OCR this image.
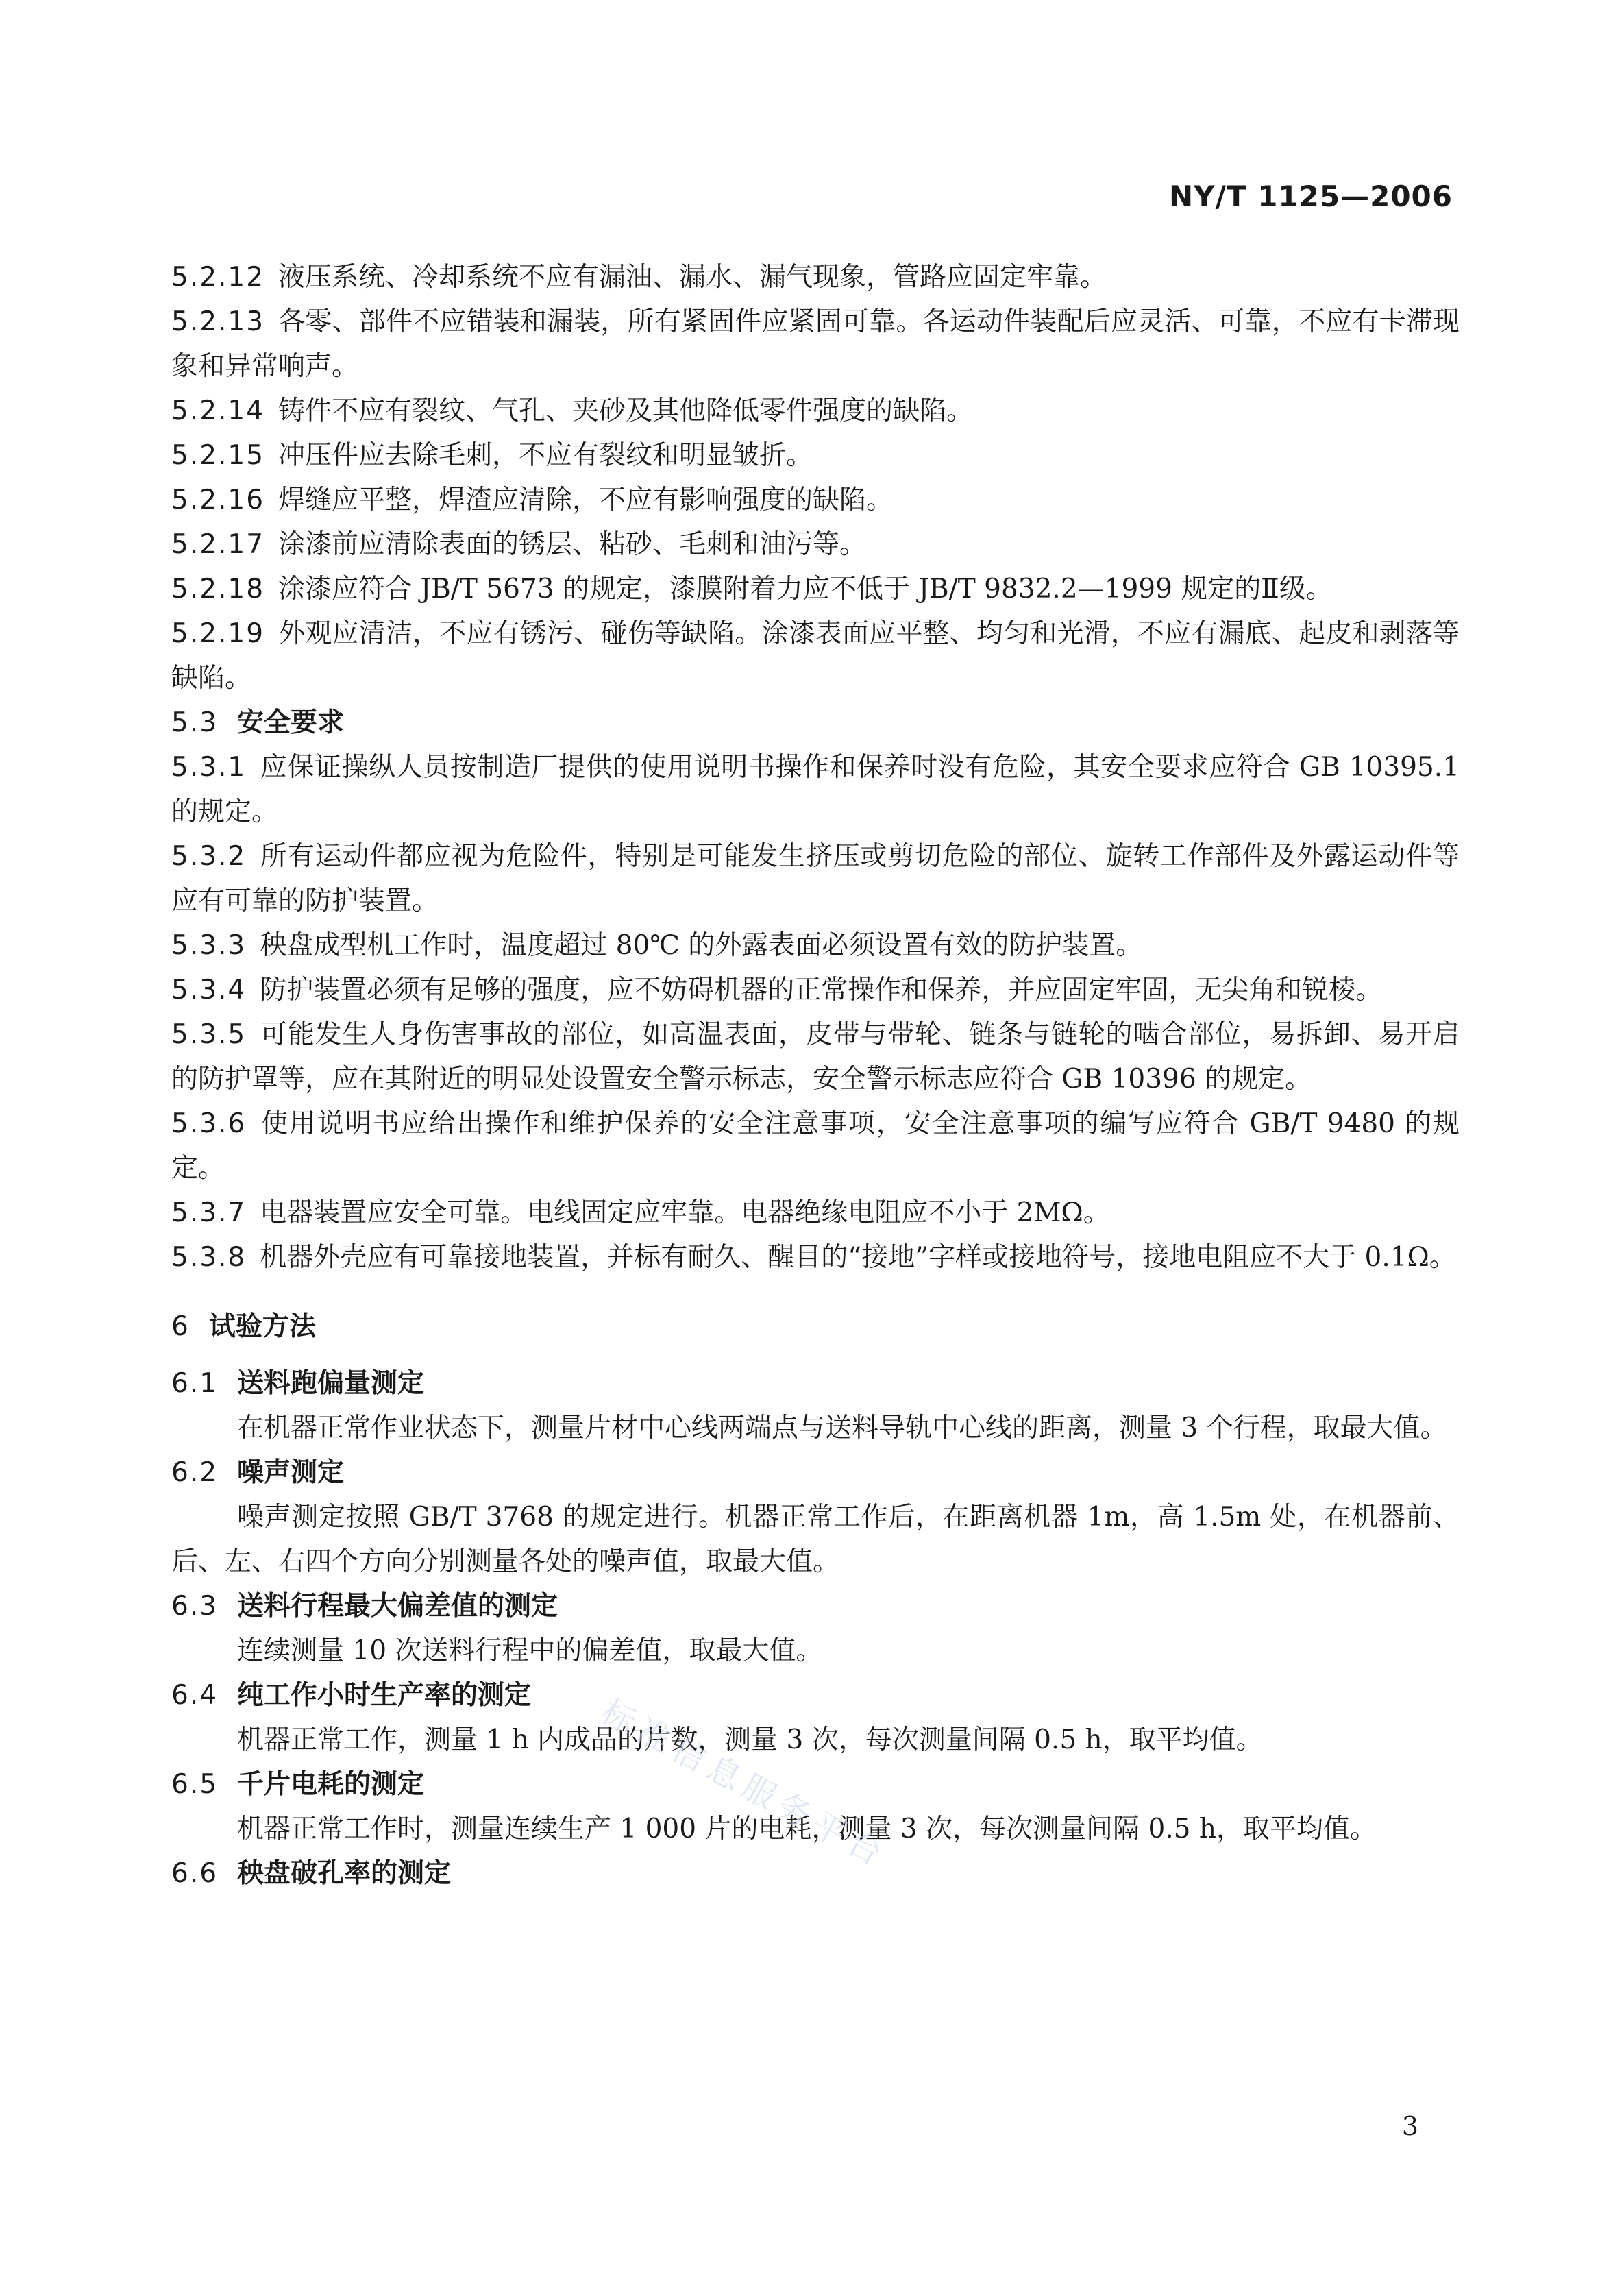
NY/T 1125—2006

5.2.12 液压系统、冷却系统不应有漏油、漏水、漏气现象，管路应固定牢靠。

5.2.13 各零、部件不应错装和漏装，所有紧固件应紧固可靠。各运动件装配后应灵活、可靠，不应有卡滞现象和异常响声。

5.2.14 铸件不应有裂纹、气孔、夹砂及其他降低零件强度的缺陷。

5.2.15 冲压件应去除毛刺，不应有裂纹和明显皱折。

5.2.16 焊缝应平整，焊渣应清除，不应有影响强度的缺陷。

5.2.17 涂漆前应清除表面的锈层、粘砂、毛刺和油污等。

5.2.18 涂漆应符合 JB/T 5673 的规定，漆膜附着力应不低于 JB/T 9832.2—1999 规定的Ⅱ级。

5.2.19 外观应清洁，不应有锈污、碰伤等缺陷。涂漆表面应平整、均匀和光滑，不应有漏底、起皮和剥落等缺陷。

5.3 安全要求

5.3.1 应保证操纵人员按制造厂提供的使用说明书操作和保养时没有危险，其安全要求应符合 GB 10395.1 的规定。

5.3.2 所有运动件都应视为危险件，特别是可能发生挤压或剪切危险的部位、旋转工作部件及外露运动件等应有可靠的防护装置。

5.3.3 秧盘成型机工作时，温度超过 80℃ 的外露表面必须设置有效的防护装置。

5.3.4 防护装置必须有足够的强度，应不妨碍机器的正常操作和保养，并应固定牢固，无尖角和锐棱。

5.3.5 可能发生人身伤害事故的部位，如高温表面，皮带与带轮、链条与链轮的啮合部位，易拆卸、易开启的防护罩等，应在其附近的明显处设置安全警示标志，安全警示标志应符合 GB 10396 的规定。

5.3.6 使用说明书应给出操作和维护保养的安全注意事项，安全注意事项的编写应符合 GB/T 9480 的规定。

5.3.7 电器装置应安全可靠。电线固定应牢靠。电器绝缘电阻应不小于 2MΩ。

5.3.8 机器外壳应有可靠接地装置，并标有耐久、醒目的“接地”字样或接地符号，接地电阻应不大于 0.1Ω。

6 试验方法

6.1 送料跑偏量测定

在机器正常作业状态下，测量片材中心线两端点与送料导轨中心线的距离，测量 3 个行程，取最大值。

6.2 噪声测定

噪声测定按照 GB/T 3768 的规定进行。机器正常工作后，在距离机器 1m，高 1.5m 处，在机器前、后、左、右四个方向分别测量各处的噪声值，取最大值。

6.3 送料行程最大偏差值的测定

连续测量 10 次送料行程中的偏差值，取最大值。

6.4 纯工作小时生产率的测定

机器正常工作，测量 1 h 内成品的片数，测量 3 次，每次测量间隔 0.5 h，取平均值。

6.5 千片电耗的测定

机器正常工作时，测量连续生产 1 000 片的电耗，测量 3 次，每次测量间隔 0.5 h，取平均值。

6.6 秧盘破孔率的测定	标准信息服务平台
3
